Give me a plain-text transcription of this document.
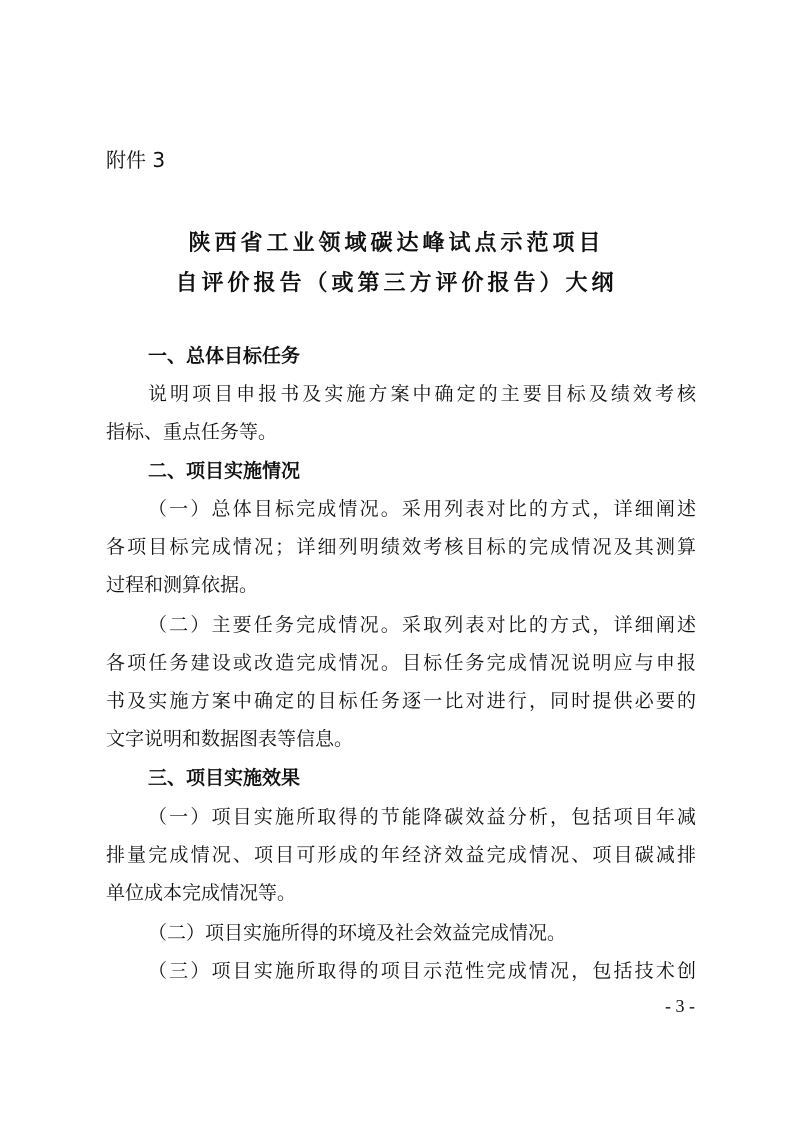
附件 3
陕西省工业领域碳达峰试点示范项目
自评价报告（或第三方评价报告）大纲
一、总体目标任务
说明项目申报书及实施方案中确定的主要目标及绩效考核
指标、重点任务等。
二、项目实施情况
（一）总体目标完成情况。采用列表对比的方式，详细阐述
各项目标完成情况；详细列明绩效考核目标的完成情况及其测算
过程和测算依据。
（二）主要任务完成情况。采取列表对比的方式，详细阐述
各项任务建设或改造完成情况。目标任务完成情况说明应与申报
书及实施方案中确定的目标任务逐一比对进行，同时提供必要的
文字说明和数据图表等信息。
三、项目实施效果
（一）项目实施所取得的节能降碳效益分析，包括项目年减
排量完成情况、项目可形成的年经济效益完成情况、项目碳减排
单位成本完成情况等。
（二）项目实施所得的环境及社会效益完成情况。
（三）项目实施所取得的项目示范性完成情况，包括技术创
- 3 -
